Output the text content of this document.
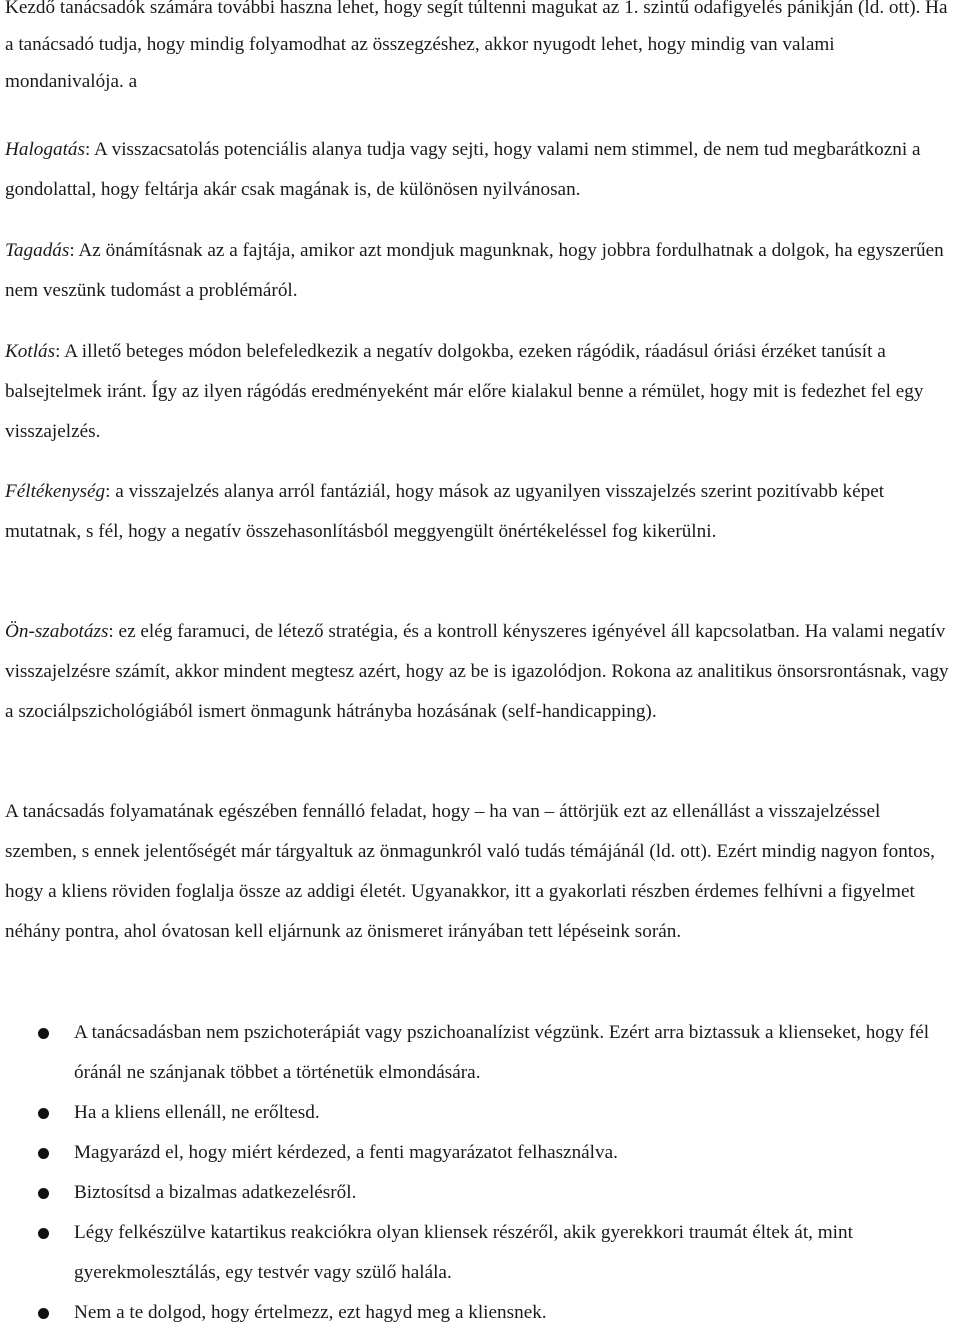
Kezdő tanácsadók számára további haszna lehet, hogy segít túltenni magukat az 1. szintű odafigyelés pánikján (ld. ott). Ha a tanácsadó tudja, hogy mindig folyamodhat az összegzéshez, akkor nyugodt lehet, hogy mindig van valami mondanivalója. a

Halogatás: A visszacsatolás potenciális alanya tudja vagy sejti, hogy valami nem stimmel, de nem tud megbarátkozni a gondolattal, hogy feltárja akár csak magának is, de különösen nyilvánosan.

Tagadás: Az önámításnak az a fajtája, amikor azt mondjuk magunknak, hogy jobbra fordulhatnak a dolgok, ha egyszerűen nem veszünk tudomást a problémáról.

Kotlás: A illető beteges módon belefeledkezik a negatív dolgokba, ezeken rágódik, ráadásul óriási érzéket tanúsít a balsejtelmek iránt. Így az ilyen rágódás eredményeként már előre kialakul benne a rémület, hogy mit is fedezhet fel egy visszajelzés.

Féltékenység: a visszajelzés alanya arról fantáziál, hogy mások az ugyanilyen visszajelzés szerint pozitívabb képet mutatnak, s fél, hogy a negatív összehasonlításból meggyengült önértékeléssel fog kikerülni.

Ön-szabotázs: ez elég faramuci, de létező stratégia, és a kontroll kényszeres igényével áll kapcsolatban. Ha valami negatív visszajelzésre számít, akkor mindent megtesz azért, hogy az be is igazolódjon. Rokona az analitikus önsorsrontásnak, vagy a szociálpszichológiából ismert önmagunk hátrányba hozásának (self-handicapping).

A tanácsadás folyamatának egészében fennálló feladat, hogy – ha van – áttörjük ezt az ellenállást a visszajelzéssel szemben, s ennek jelentőségét már tárgyaltuk az önmagunkról való tudás témájánál (ld. ott). Ezért mindig nagyon fontos, hogy a kliens röviden foglalja össze az addigi életét. Ugyanakkor, itt a gyakorlati részben érdemes felhívni a figyelmet néhány pontra, ahol óvatosan kell eljárnunk az önismeret irányában tett lépéseink során.

A tanácsadásban nem pszichoterápiát vagy pszichoanalízist végzünk. Ezért arra biztassuk a klienseket, hogy fél óránál ne szánjanak többet a történetük elmondására.
Ha a kliens ellenáll, ne erőltesd.
Magyarázd el, hogy miért kérdezed, a fenti magyarázatot felhasználva.
Biztosítsd a bizalmas adatkezelésről.
Légy felkészülve katartikus reakciókra olyan kliensek részéről, akik gyerekkori traumát éltek át, mint gyerekmolesztálás, egy testvér vagy szülő halála.
Nem a te dolgod, hogy értelmezz, ezt hagyd meg a kliensnek.
